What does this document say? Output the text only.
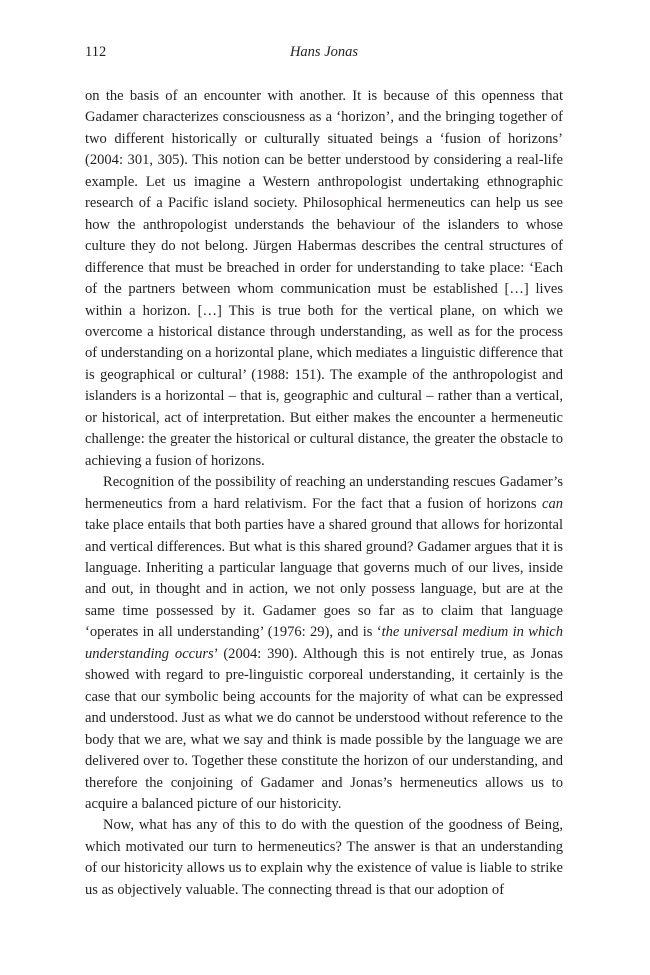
112	Hans Jonas

on the basis of an encounter with another. It is because of this openness that Gadamer characterizes consciousness as a ‘horizon’, and the bringing together of two different historically or culturally situated beings a ‘fusion of horizons’ (2004: 301, 305). This notion can be better understood by considering a real-life example. Let us imagine a Western anthropologist undertaking ethnographic research of a Pacific island society. Philosophical hermeneutics can help us see how the anthropologist understands the behaviour of the islanders to whose culture they do not belong. Jürgen Habermas describes the central structures of difference that must be breached in order for understanding to take place: ‘Each of the partners between whom communication must be established […] lives within a horizon. […] This is true both for the vertical plane, on which we overcome a historical distance through understanding, as well as for the process of understanding on a horizontal plane, which mediates a linguistic difference that is geographical or cultural’ (1988: 151). The example of the anthropologist and islanders is a horizontal – that is, geographic and cultural – rather than a vertical, or historical, act of interpretation. But either makes the encounter a hermeneutic challenge: the greater the historical or cultural distance, the greater the obstacle to achieving a fusion of horizons.

Recognition of the possibility of reaching an understanding rescues Gadamer’s hermeneutics from a hard relativism. For the fact that a fusion of horizons can take place entails that both parties have a shared ground that allows for horizontal and vertical differences. But what is this shared ground? Gadamer argues that it is language. Inheriting a particular language that governs much of our lives, inside and out, in thought and in action, we not only possess language, but are at the same time possessed by it. Gadamer goes so far as to claim that language ‘operates in all understanding’ (1976: 29), and is ‘the universal medium in which understanding occurs’ (2004: 390). Although this is not entirely true, as Jonas showed with regard to pre-linguistic corporeal understanding, it certainly is the case that our symbolic being accounts for the majority of what can be expressed and understood. Just as what we do cannot be understood without reference to the body that we are, what we say and think is made possible by the language we are delivered over to. Together these constitute the horizon of our understanding, and therefore the conjoining of Gadamer and Jonas’s hermeneutics allows us to acquire a balanced picture of our historicity.

Now, what has any of this to do with the question of the goodness of Being, which motivated our turn to hermeneutics? The answer is that an understanding of our historicity allows us to explain why the existence of value is liable to strike us as objectively valuable. The connecting thread is that our adoption of
